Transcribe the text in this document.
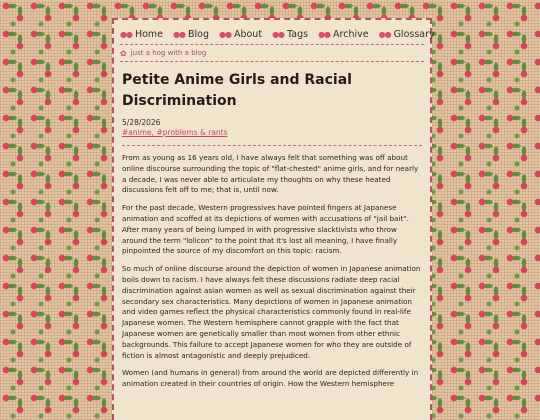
●● Home ●● Blog ●● About ●● Tags ●● Archive ●● Glossary
✿ just a hog with a blog
Petite Anime Girls and Racial Discrimination
5/28/2026
#anime, #problems & rants

From as young as 16 years old, I have always felt that something was off about online discourse surrounding the topic of "flat-chested" anime girls, and for nearly a decade, I was never able to articulate my thoughts on why these heated discussions felt off to me; that is, until now.

For the past decade, Western progressives have pointed fingers at Japanese animation and scoffed at its depictions of women with accusations of "jail bait". After many years of being lumped in with progressive slacktivists who throw around the term "lolicon" to the point that it's lost all meaning, I have finally pinpointed the source of my discomfort on this topic: racism.

So much of online discourse around the depiction of women in Japanese animation boils down to racism. I have always felt these discussions radiate deep racial discrimination against asian women as well as sexual discrimination against their secondary sex characteristics. Many depictions of women in Japanese animation and video games reflect the physical characteristics commonly found in real-life Japanese women. The Western hemisphere cannot grapple with the fact that Japanese women are genetically smaller than most women from other ethnic backgrounds. This failure to accept Japanese women for who they are outside of fiction is almost antagonistic and deeply prejudiced.

Women (and humans in general) from around the world are depicted differently in animation created in their countries of origin. How the Western hemisphere
